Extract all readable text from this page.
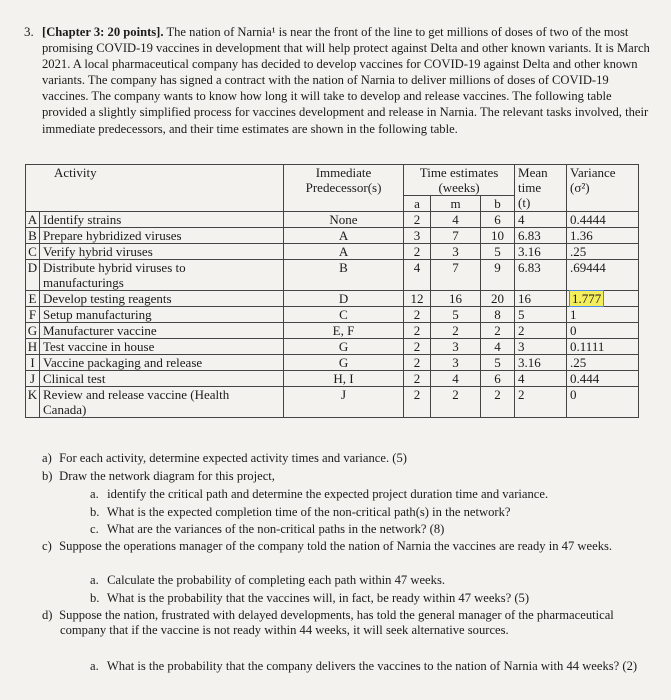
3. [Chapter 3: 20 points]. The nation of Narnia¹ is near the front of the line to get millions of doses of two of the most promising COVID-19 vaccines in development that will help protect against Delta and other known variants. It is March 2021. A local pharmaceutical company has decided to develop vaccines for COVID-19 against Delta and other known variants. The company has signed a contract with the nation of Narnia to deliver millions of doses of COVID-19 vaccines. The company wants to know how long it will take to develop and release vaccines. The following table provided a slightly simplified process for vaccines development and release in Narnia. The relevant tasks involved, their immediate predecessors, and their time estimates are shown in the following table.
Activity		Immediate
Predecessor(s)	Time estimates
(weeks)			Mean
time
(t)	Variance
(σ²)
			a	m	b		
A	Identify strains	None	2	4	6	4	0.4444
B	Prepare hybridized viruses	A	3	7	10	6.83	1.36
C	Verify hybrid viruses	A	2	3	5	3.16	.25
D	Distribute hybrid viruses to
manufacturings	B	4	7	9	6.83	.69444
E	Develop testing reagents	D	12	16	20	16	1.777
F	Setup manufacturing	C	2	5	8	5	1
G	Manufacturer vaccine	E, F	2	2	2	2	0
H	Test vaccine in house	G	2	3	4	3	0.1111
I	Vaccine packaging and release	G	2	3	5	3.16	.25
J	Clinical test	H, I	2	4	6	4	0.444
K	Review and release vaccine (Health
Canada)	J	2	2	2	2	0
a) For each activity, determine expected activity times and variance. (5)
b) Draw the network diagram for this project,
a. identify the critical path and determine the expected project duration time and variance.
b. What is the expected completion time of the non-critical path(s) in the network?
c. What are the variances of the non-critical paths in the network? (8)
c) Suppose the operations manager of the company told the nation of Narnia the vaccines are ready in 47 weeks.
a. Calculate the probability of completing each path within 47 weeks.
b. What is the probability that the vaccines will, in fact, be ready within 47 weeks? (5)
d) Suppose the nation, frustrated with delayed developments, has told the general manager of the pharmaceutical company that if the vaccine is not ready within 44 weeks, it will seek alternative sources.
a. What is the probability that the company delivers the vaccines to the nation of Narnia with 44 weeks? (2)
